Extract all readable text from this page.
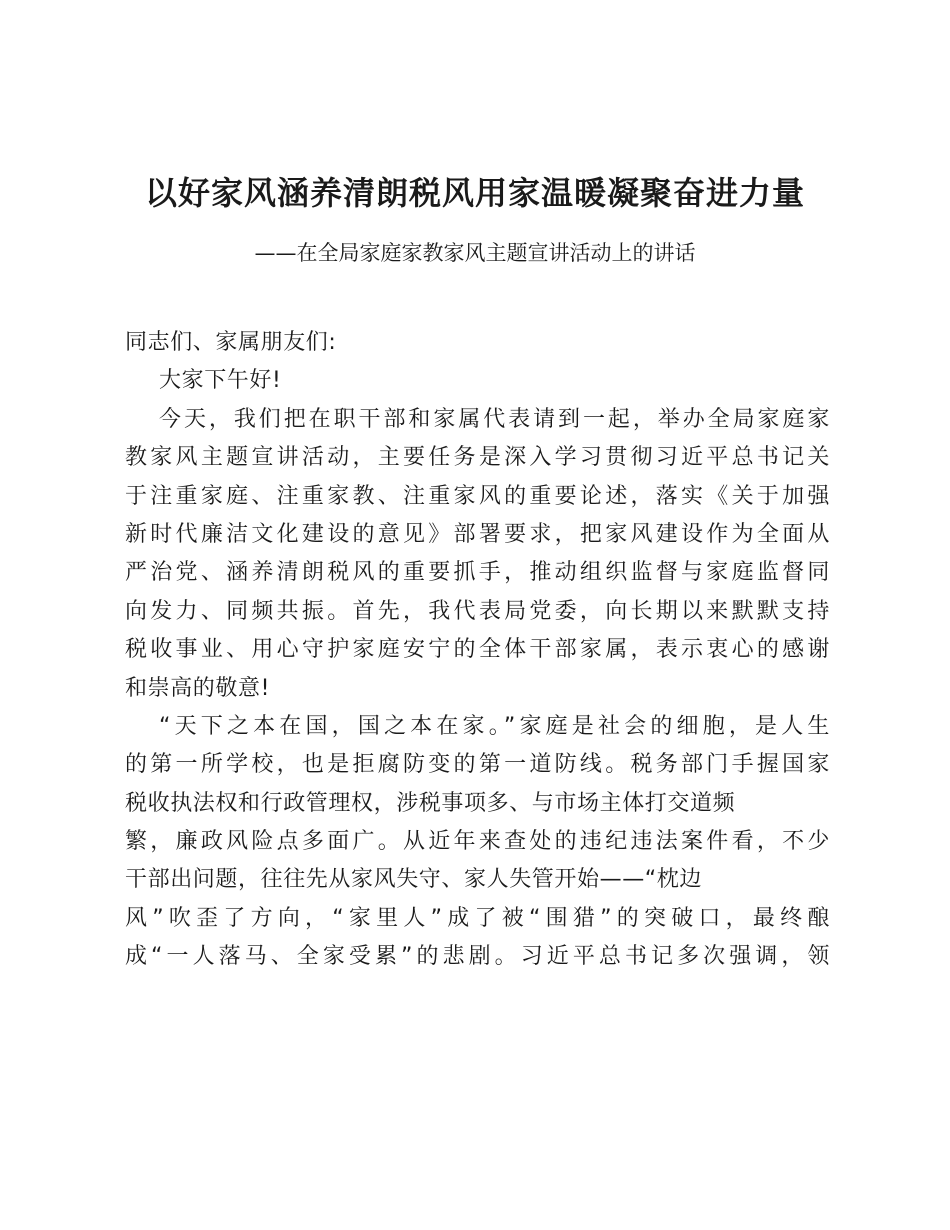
以好家风涵养清朗税风用家温暖凝聚奋进力量
——在全局家庭家教家风主题宣讲活动上的讲话
同志们、家属朋友们:
大家下午好!
今天，我们把在职干部和家属代表请到一起，举办全局家庭家
教家风主题宣讲活动，主要任务是深入学习贯彻习近平总书记关
于注重家庭、注重家教、注重家风的重要论述，落实《关于加强
新时代廉洁文化建设的意见》部署要求，把家风建设作为全面从
严治党、涵养清朗税风的重要抓手，推动组织监督与家庭监督同
向发力、同频共振。首先，我代表局党委，向长期以来默默支持
税收事业、用心守护家庭安宁的全体干部家属，表示衷心的感谢
和崇高的敬意!
“天下之本在国，国之本在家。”家庭是社会的细胞，是人生
的第一所学校，也是拒腐防变的第一道防线。税务部门手握国家
税收执法权和行政管理权，涉税事项多、与市场主体打交道频
繁，廉政风险点多面广。从近年来查处的违纪违法案件看，不少
干部出问题，往往先从家风失守、家人失管开始——“枕边
风”吹歪了方向，“家里人”成了被“围猎”的突破口，最终酿
成“一人落马、全家受累”的悲剧。习近平总书记多次强调，领
